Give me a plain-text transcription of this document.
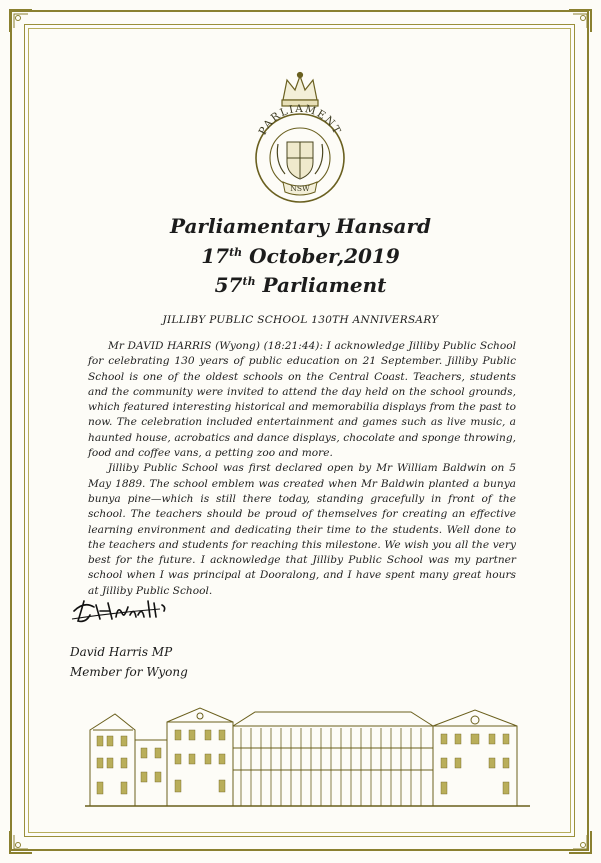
PARLIAMENT
NSW
Parliamentary Hansard
17th October,2019
57th Parliament
JILLIBY PUBLIC SCHOOL 130TH ANNIVERSARY

Mr DAVID HARRIS (Wyong) (18:21:44): I acknowledge Jilliby Public School for celebrating 130 years of public education on 21 September. Jilliby Public School is one of the oldest schools on the Central Coast. Teachers, students and the community were invited to attend the day held on the school grounds, which featured interesting historical and memorabilia displays from the past to now. The celebration included entertainment and games such as live music, a haunted house, acrobatics and dance displays, chocolate and sponge throwing, food and coffee vans, a petting zoo and more.

Jilliby Public School was first declared open by Mr William Baldwin on 5 May 1889. The school emblem was created when Mr Baldwin planted a bunya bunya pine—which is still there today, standing gracefully in front of the school. The teachers should be proud of themselves for creating an effective learning environment and dedicating their time to the students. Well done to the teachers and students for reaching this milestone. We wish you all the very best for the future. I acknowledge that Jilliby Public School was my partner school when I was principal at Dooralong, and I have spent many great hours at Jilliby Public School.

David Harris MP
Member for Wyong
